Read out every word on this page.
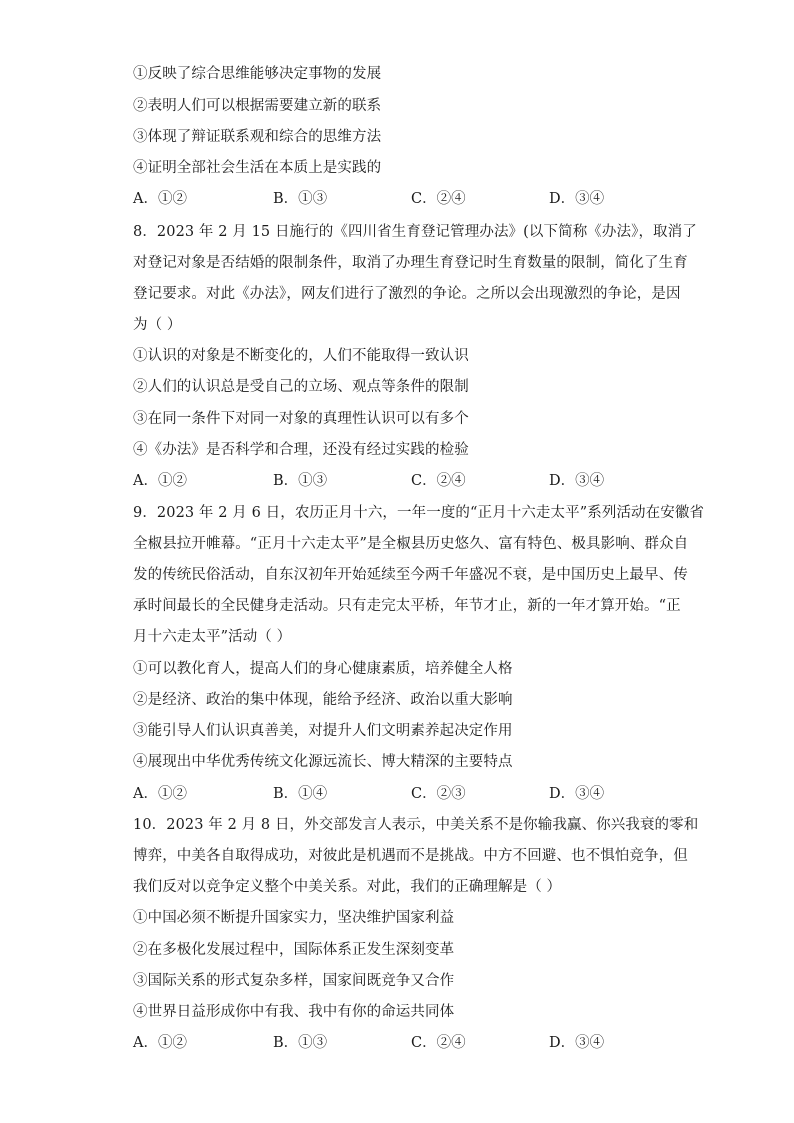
①反映了综合思维能够决定事物的发展
②表明人们可以根据需要建立新的联系
③体现了辩证联系观和综合的思维方法
④证明全部社会生活在本质上是实践的
A．①②	B．①③	C．②④	D．③④
8．2023 年 2 月 15 日施行的《四川省生育登记管理办法》(以下简称《办法》，取消了
对登记对象是否结婚的限制条件，取消了办理生育登记时生育数量的限制，简化了生育
登记要求。对此《办法》，网友们进行了激烈的争论。之所以会出现激烈的争论，是因
为（ ）
①认识的对象是不断变化的，人们不能取得一致认识
②人们的认识总是受自己的立场、观点等条件的限制
③在同一条件下对同一对象的真理性认识可以有多个
④《办法》是否科学和合理，还没有经过实践的检验
A．①②	B．①③	C．②④	D．③④
9．2023 年 2 月 6 日，农历正月十六，一年一度的“正月十六走太平”系列活动在安徽省
全椒县拉开帷幕。“正月十六走太平”是全椒县历史悠久、富有特色、极具影响、群众自
发的传统民俗活动，自东汉初年开始延续至今两千年盛况不衰，是中国历史上最早、传
承时间最长的全民健身走活动。只有走完太平桥，年节才止，新的一年才算开始。“正
月十六走太平”活动（ ）
①可以教化育人，提高人们的身心健康素质，培养健全人格
②是经济、政治的集中体现，能给予经济、政治以重大影响
③能引导人们认识真善美，对提升人们文明素养起决定作用
④展现出中华优秀传统文化源远流长、博大精深的主要特点
A．①②	B．①④	C．②③	D．③④
10．2023 年 2 月 8 日，外交部发言人表示，中美关系不是你输我赢、你兴我衰的零和
博弈，中美各自取得成功，对彼此是机遇而不是挑战。中方不回避、也不惧怕竞争，但
我们反对以竞争定义整个中美关系。对此，我们的正确理解是（ ）
①中国必须不断提升国家实力，坚决维护国家利益
②在多极化发展过程中，国际体系正发生深刻变革
③国际关系的形式复杂多样，国家间既竞争又合作
④世界日益形成你中有我、我中有你的命运共同体
A．①②	B．①③	C．②④	D．③④
